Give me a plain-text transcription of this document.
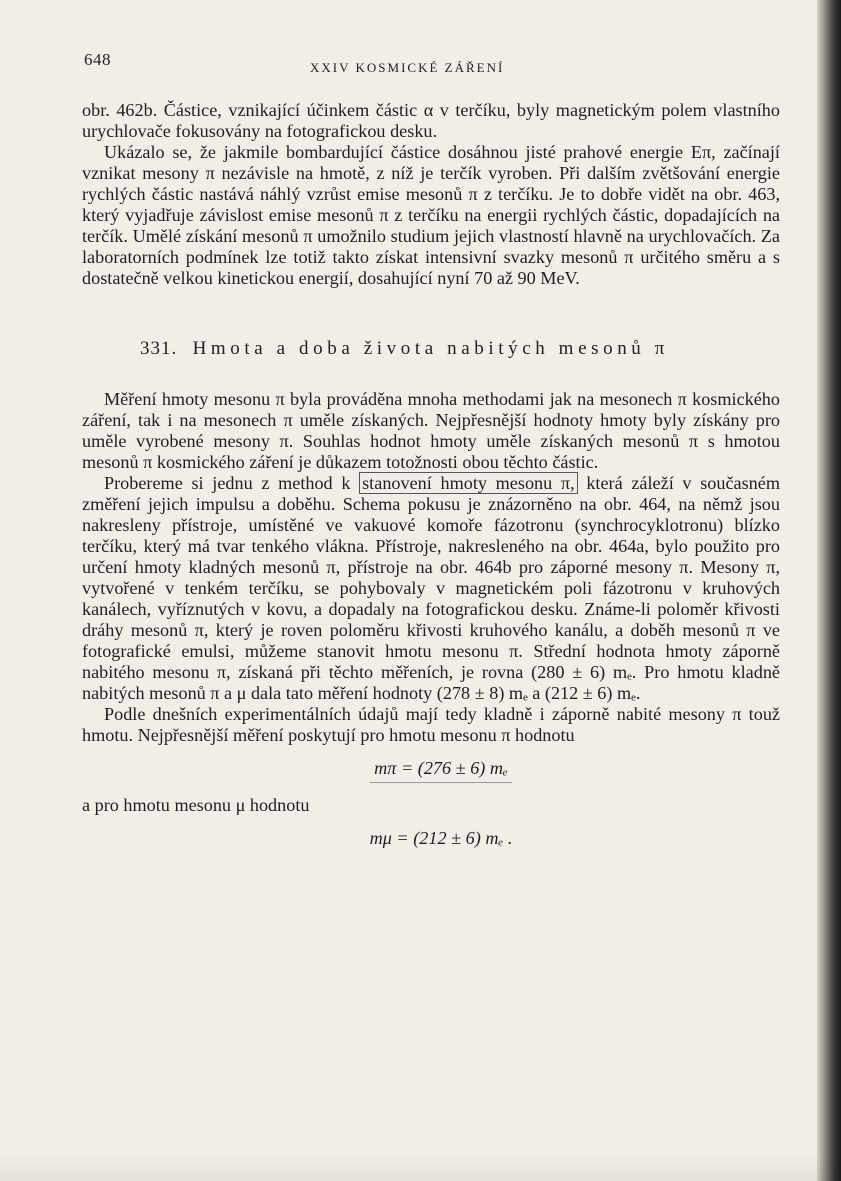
648	XXIV KOSMICKÉ ZÁŘENÍ

obr. 462b. Částice, vznikající účinkem částic α v terčíku, byly magnetickým polem vlastního urychlovače fokusovány na fotografickou desku.

Ukázalo se, že jakmile bombardující částice dosáhnou jisté prahové energie Eπ, začínají vznikat mesony π nezávisle na hmotě, z níž je terčík vyroben. Při dalším zvětšování energie rychlých částic nastává náhlý vzrůst emise mesonů π z terčíku. Je to dobře vidět na obr. 463, který vyjadřuje závislost emise mesonů π z terčíku na energii rychlých částic, dopadajících na terčík. Umělé získání mesonů π umožnilo studium jejich vlastností hlavně na urychlovačích. Za laboratorních podmínek lze totiž takto získat intensivní svazky mesonů π určitého směru a s dostatečně velkou kinetickou energií, dosahující nyní 70 až 90 MeV.

331. Hmota a doba života nabitých mesonů π

Měření hmoty mesonu π byla prováděna mnoha methodami jak na mesonech π kosmického záření, tak i na mesonech π uměle získaných. Nejpřesnější hodnoty hmoty byly získány pro uměle vyrobené mesony π. Souhlas hodnot hmoty uměle získaných mesonů π s hmotou mesonů π kosmického záření je důkazem totožnosti obou těchto částic.

Probereme si jednu z method k stanovení hmoty mesonu π, která záleží v současném změření jejich impulsu a doběhu. Schema pokusu je znázorněno na obr. 464, na němž jsou nakresleny přístroje, umístěné ve vakuové komoře fázotronu (synchrocyklotronu) blízko terčíku, který má tvar tenkého vlákna. Přístroje, nakresleného na obr. 464a, bylo použito pro určení hmoty kladných mesonů π, přístroje na obr. 464b pro záporné mesony π. Mesony π, vytvořené v tenkém terčíku, se pohybovaly v magnetickém poli fázotronu v kruhových kanálech, vyříznutých v kovu, a dopadaly na fotografickou desku. Známe-li poloměr křivosti dráhy mesonů π, který je roven poloměru křivosti kruhového kanálu, a doběh mesonů π ve fotografické emulsi, můžeme stanovit hmotu mesonu π. Střední hodnota hmoty záporně nabitého mesonu π, získaná při těchto měřeních, je rovna (280 ± 6) mₑ. Pro hmotu kladně nabitých mesonů π a μ dala tato měření hodnoty (278 ± 8) mₑ a (212 ± 6) mₑ.

Podle dnešních experimentálních údajů mají tedy kladně i záporně nabité mesony π touž hmotu. Nejpřesnější měření poskytují pro hmotu mesonu π hodnotu

mπ = (276 ± 6) mₑ

a pro hmotu mesonu μ hodnotu

mμ = (212 ± 6) mₑ .
